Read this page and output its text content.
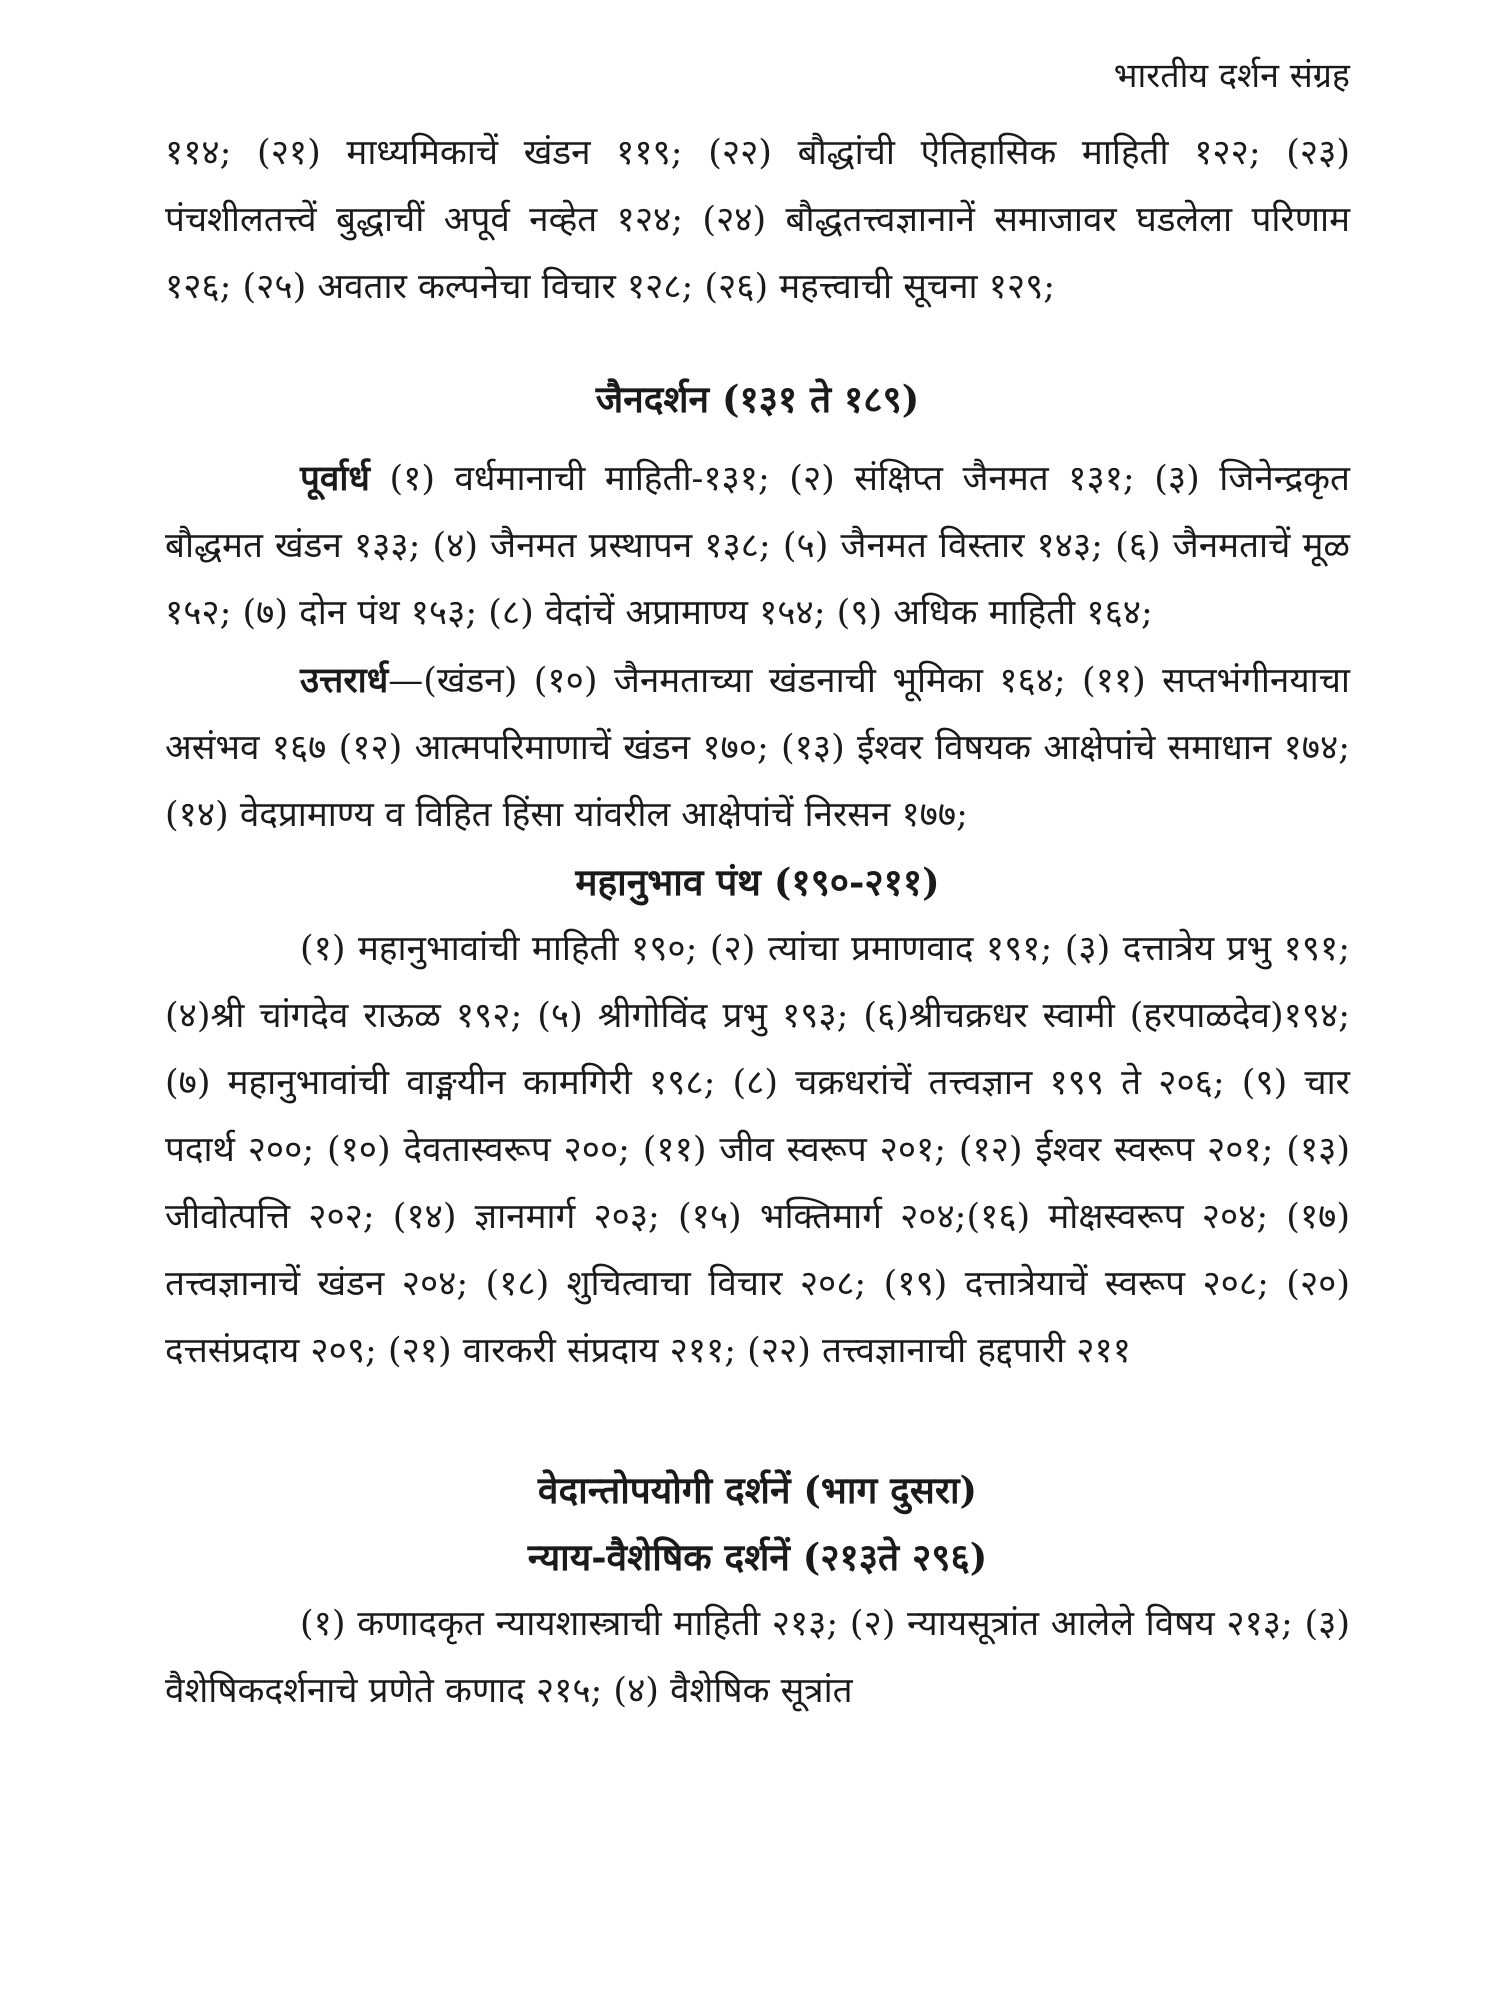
भारतीय दर्शन संग्रह

११४; (२१) माध्यमिकाचें खंडन ११९; (२२) बौद्धांची ऐतिहासिक माहिती १२२; (२३) पंचशीलतत्त्वें बुद्धाचीं अपूर्व नव्हेत १२४; (२४) बौद्धतत्त्वज्ञानानें समाजावर घडलेला परिणाम १२६; (२५) अवतार कल्पनेचा विचार १२८; (२६) महत्त्वाची सूचना १२९;

जैनदर्शन (१३१ ते १८९)

पूर्वार्ध (१) वर्धमानाची माहिती-१३१; (२) संक्षिप्त जैनमत १३१; (३) जिनेन्द्रकृत बौद्धमत खंडन १३३; (४) जैनमत प्रस्थापन १३८; (५) जैनमत विस्तार १४३; (६) जैनमताचें मूळ १५२; (७) दोन पंथ १५३; (८) वेदांचें अप्रामाण्य १५४; (९) अधिक माहिती १६४;

उत्तरार्ध—(खंडन) (१०) जैनमताच्या खंडनाची भूमिका १६४; (११) सप्तभंगीनयाचा असंभव १६७ (१२) आत्मपरिमाणाचें खंडन १७०; (१३) ईश्वर विषयक आक्षेपांचे समाधान १७४; (१४) वेदप्रामाण्य व विहित हिंसा यांवरील आक्षेपांचें निरसन १७७;

महानुभाव पंथ (१९०-२११)

(१) महानुभावांची माहिती १९०; (२) त्यांचा प्रमाणवाद १९१; (३) दत्तात्रेय प्रभु १९१; (४)श्री चांगदेव राऊळ १९२; (५) श्रीगोविंद प्रभु १९३; (६)श्रीचक्रधर स्वामी (हरपाळदेव)१९४; (७) महानुभावांची वाङ्मयीन कामगिरी १९८; (८) चक्रधरांचें तत्त्वज्ञान १९९ ते २०६; (९) चार पदार्थ २००; (१०) देवतास्वरूप २००; (११) जीव स्वरूप २०१; (१२) ईश्वर स्वरूप २०१; (१३) जीवोत्पत्ति २०२; (१४) ज्ञानमार्ग २०३; (१५) भक्तिमार्ग २०४;(१६) मोक्षस्वरूप २०४; (१७) तत्त्वज्ञानाचें खंडन २०४; (१८) शुचित्वाचा विचार २०८; (१९) दत्तात्रेयाचें स्वरूप २०८; (२०) दत्तसंप्रदाय २०९; (२१) वारकरी संप्रदाय २११; (२२) तत्त्वज्ञानाची हद्दपारी २११

वेदान्तोपयोगी दर्शनें (भाग दुसरा)
न्याय-वैशेषिक दर्शनें (२१३ते २९६)

(१) कणादकृत न्यायशास्त्राची माहिती २१३; (२) न्यायसूत्रांत आलेले विषय २१३; (३) वैशेषिकदर्शनाचे प्रणेते कणाद २१५; (४) वैशेषिक सूत्रांत
